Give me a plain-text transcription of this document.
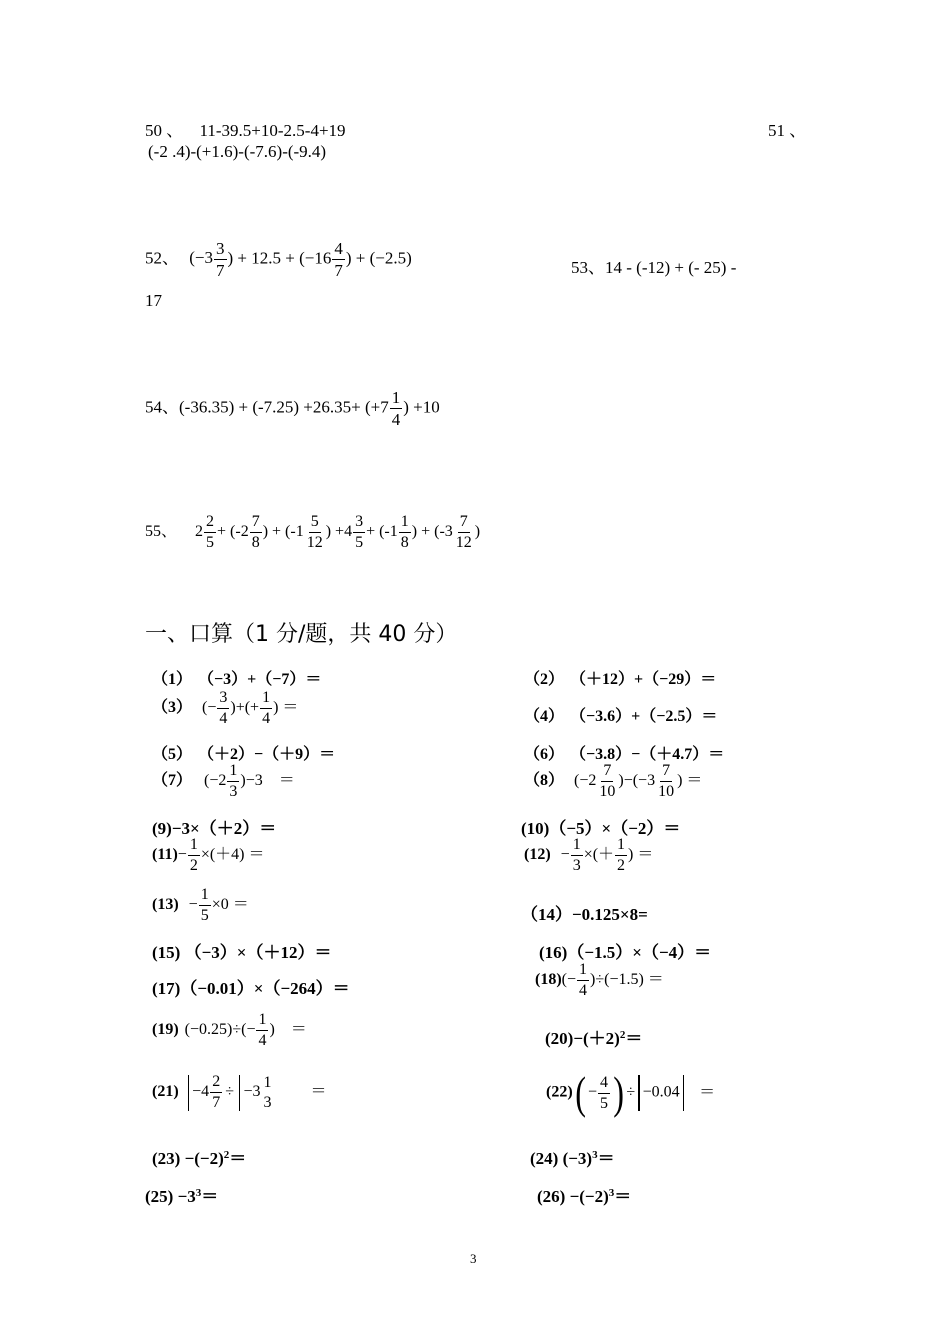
50 、 11-39.5+10-2.5-4+19	51 、
(-2 .4)-(+1.6)-(-7.6)-(-9.4)
52、 ($-3 \frac{3}{7}$ ) + $12.5 + (-16 \frac{4}{7}$ ) + (−2.5)
53、14 - (-12) + (- 25) -
17
54、$(-36.35) + (-7.25) +26.35+ (+7 \frac{1}{4}$ ) +10
55、 $2 \frac{2}{5} + (-2 \frac{7}{8}$ ) + ($-1 \frac{5}{12}$ ) $+4 \frac{3}{5} + (-1 \frac{1}{8}$ ) + ($-3 \frac{7}{12}$ )
一、口算（1 分/题，共 40 分）
（1） （−3）+（−7）＝	（2） （＋12）+（−29）＝
（3） (− $\frac{3}{4}$ )+(+ $\frac{1}{4}$ ) ＝
（4） （−3.6）+（−2.5）＝
（5） （＋2）−（＋9）＝	（6） （−3.8）−（＋4.7）＝
（7） $(-2 \frac{1}{3} )-3$　＝	（8） $(-2 \frac{7}{10} )-(-3 \frac{7}{10}$ ) ＝
(9)−3×（＋2）＝	(10)（−5）×（−2）＝
$(11)- \frac{1}{2} \times(+4)$ ＝	$(12) - \frac{1}{3}$ ×(＋ $\frac{1}{2}$ ) ＝
$(13) - \frac{1}{5} \times 0$ ＝
（14）−0.125×8=
(15) （−3）×（＋12）＝	(16)（−1.5）×（−4）＝
(17)（−0.01）×（−264）＝	$(18)(- \frac{1}{4} )\div(-1.5)$ ＝
(19) $(-0.25)\div(- \frac{1}{4}$ )　＝	$(20)-(+2)^2=$
$(21) -4 \frac{2}{7} \div -3$
1
3
＝	$(22)( - \frac{4}{5}$ ) ÷ −0.04 ＝
$(23) -(-2)^2=$	(24) $(-3)^3=$
$(25) -3^3=$	$(26) -(-2)^3=$
3
